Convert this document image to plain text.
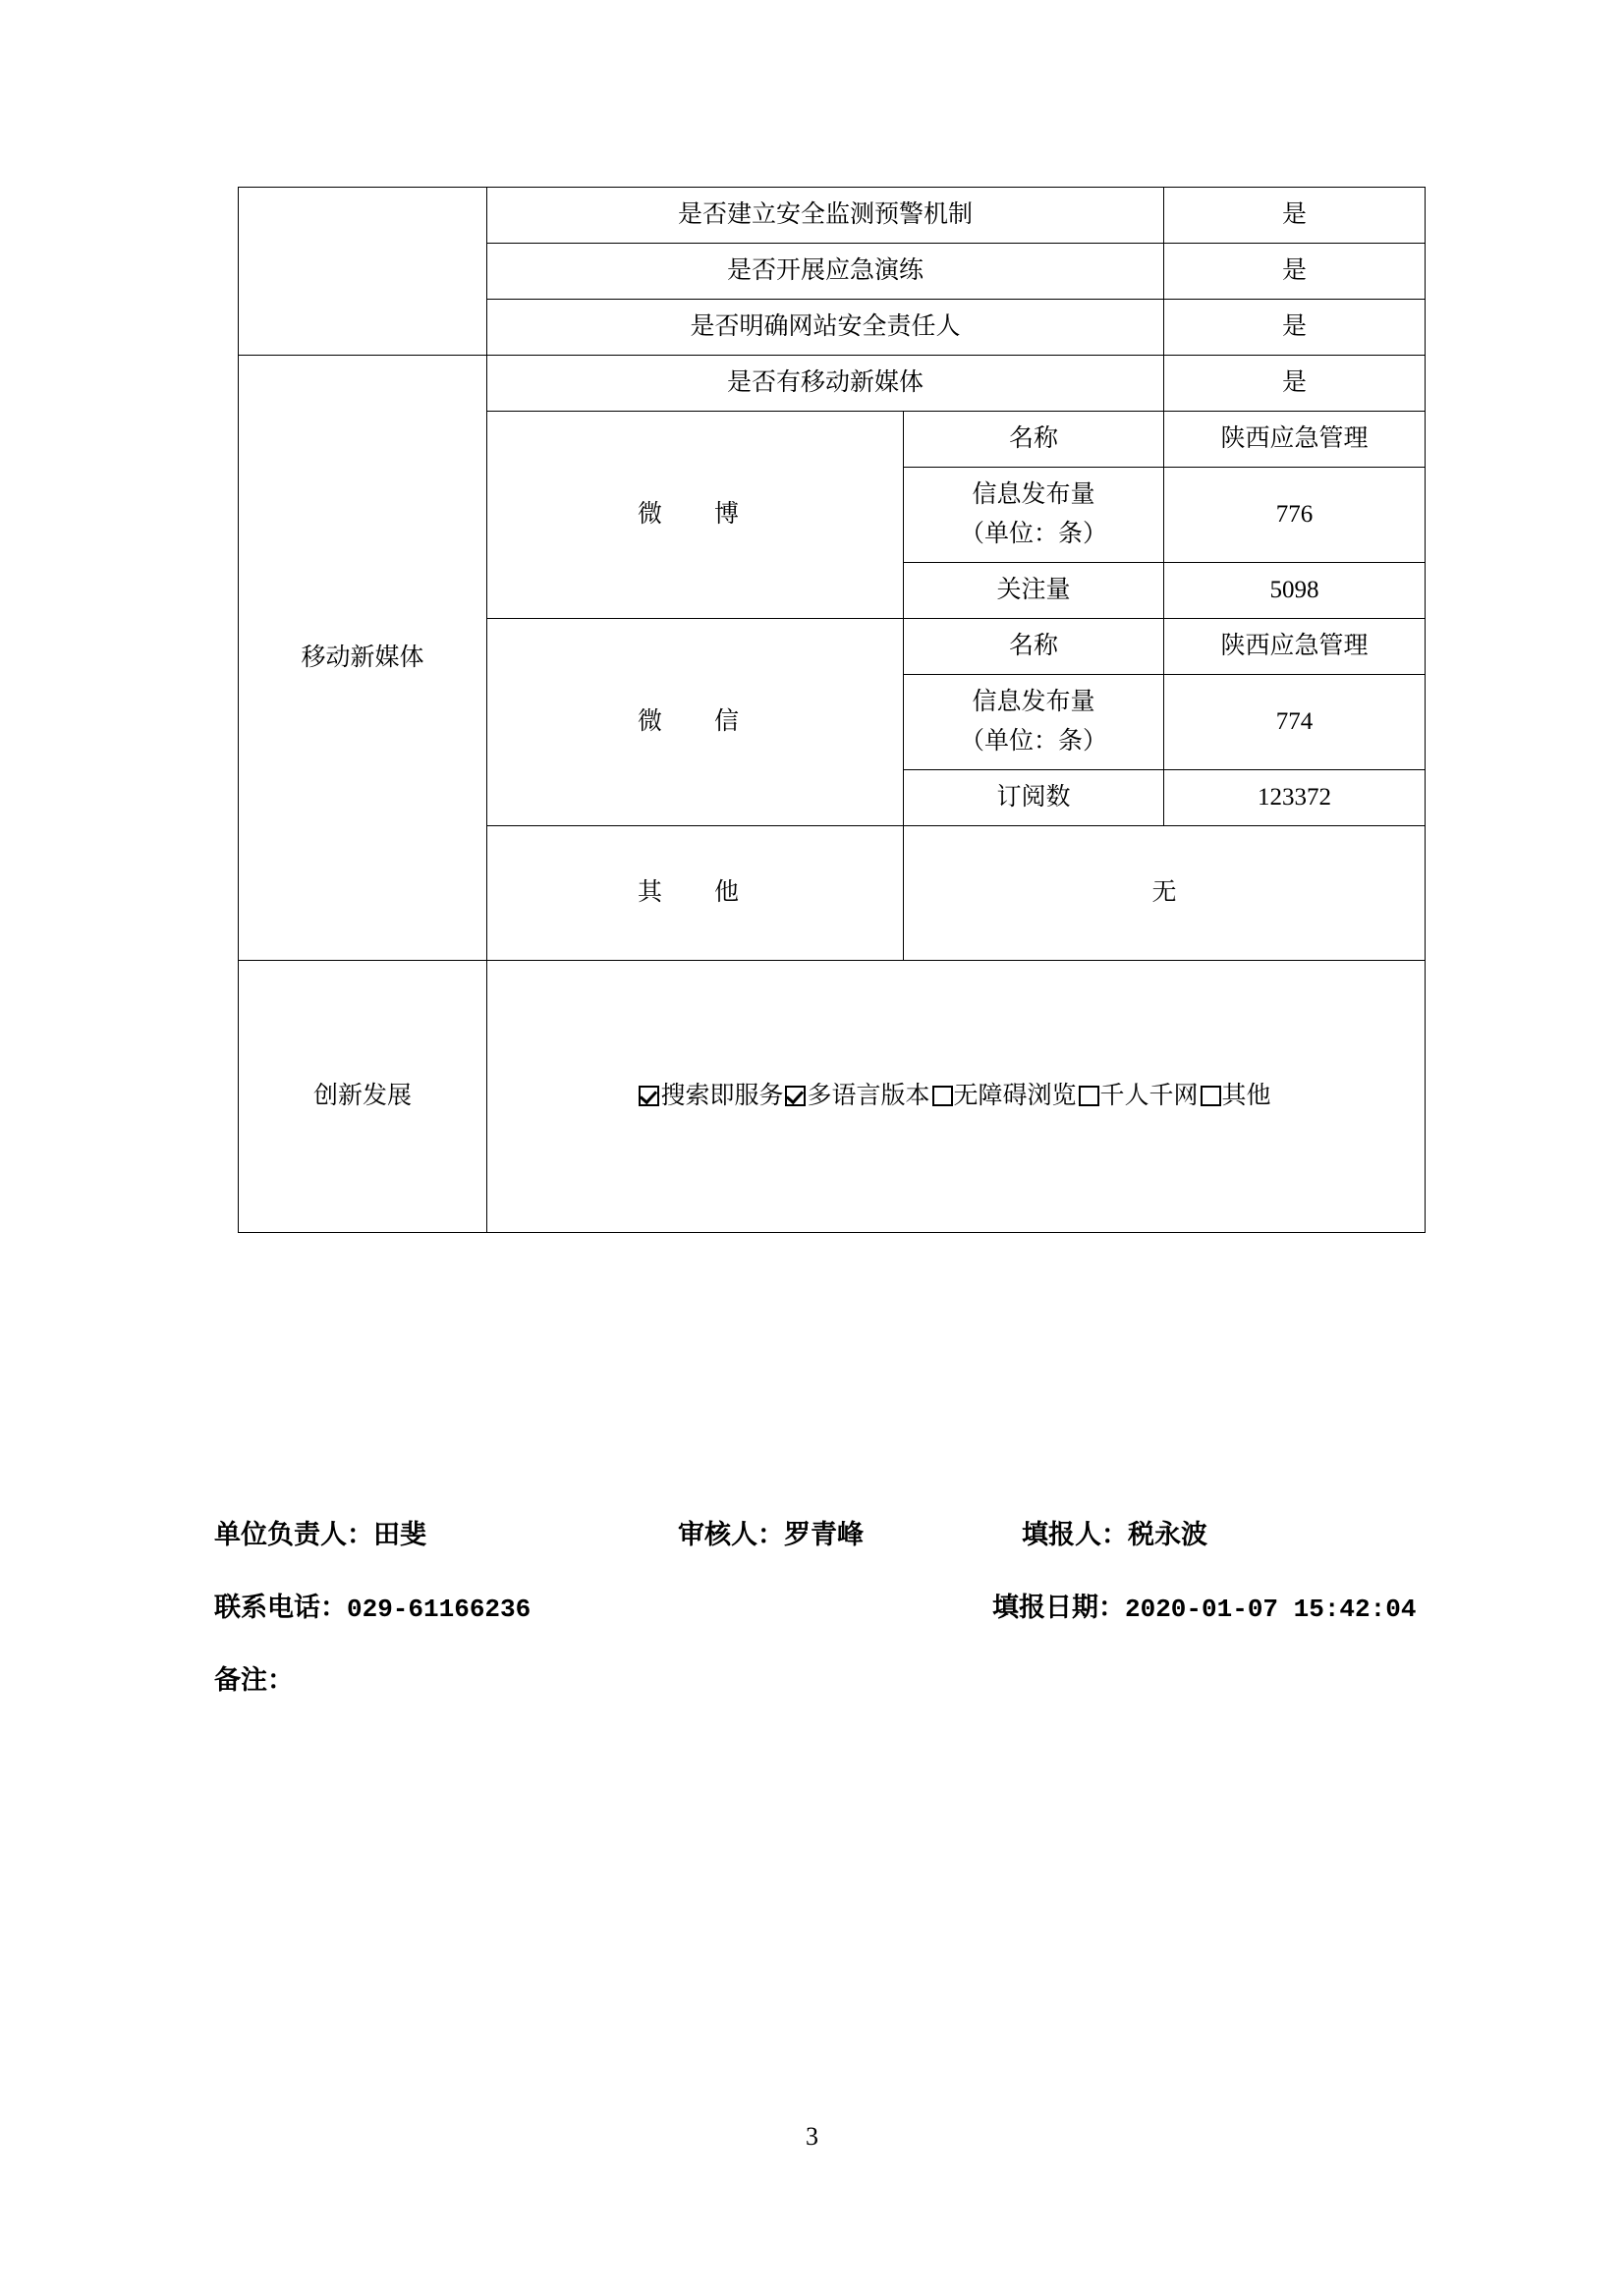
	是否建立安全监测预警机制		是
	是否开展应急演练		是
	是否明确网站安全责任人		是
移动新媒体	是否有移动新媒体		是
	微　博	名称	陕西应急管理

		信息发布量
（单位：条）	776
		关注量	5098
	微　信	名称	陕西应急管理

		信息发布量
（单位：条）	774
		订阅数	123372
	其　他	无	
创新发展	搜索即服务 多语言版本 无障碍浏览 千人千网 其他		
单位负责人：田斐	审核人：罗青峰	填报人：税永波
联系电话：029-61166236	填报日期：2020-01-07 15:42:04
备注：
3
